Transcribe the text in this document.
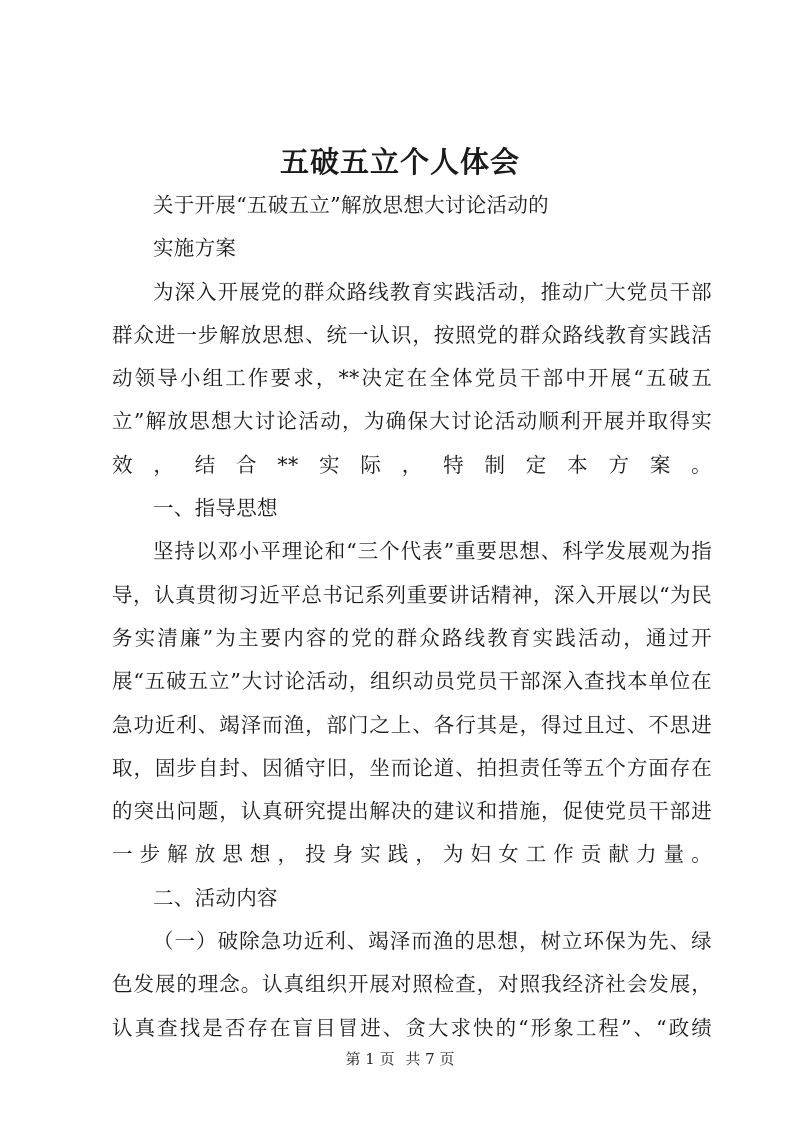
五破五立个人体会

关于开展“五破五立”解放思想大讨论活动的

实施方案

为深入开展党的群众路线教育实践活动，推动广大党员干部群众进一步解放思想、统一认识，按照党的群众路线教育实践活动领导小组工作要求，**决定在全体党员干部中开展“五破五立”解放思想大讨论活动，为确保大讨论活动顺利开展并取得实效，结合**实际，特制定本方案。

一、指导思想

坚持以邓小平理论和“三个代表”重要思想、科学发展观为指导，认真贯彻习近平总书记系列重要讲话精神，深入开展以“为民务实清廉”为主要内容的党的群众路线教育实践活动，通过开展“五破五立”大讨论活动，组织动员党员干部深入查找本单位在急功近利、竭泽而渔，部门之上、各行其是，得过且过、不思进取，固步自封、因循守旧，坐而论道、拍担责任等五个方面存在的突出问题，认真研究提出解决的建议和措施，促使党员干部进一步解放思想，投身实践，为妇女工作贡献力量。

二、活动内容

（一）破除急功近利、竭泽而渔的思想，树立环保为先、绿色发展的理念。认真组织开展对照检查，对照我经济社会发展，认真查找是否存在盲目冒进、贪大求快的“形象工程”、“政绩

第 1 页 共 7 页
